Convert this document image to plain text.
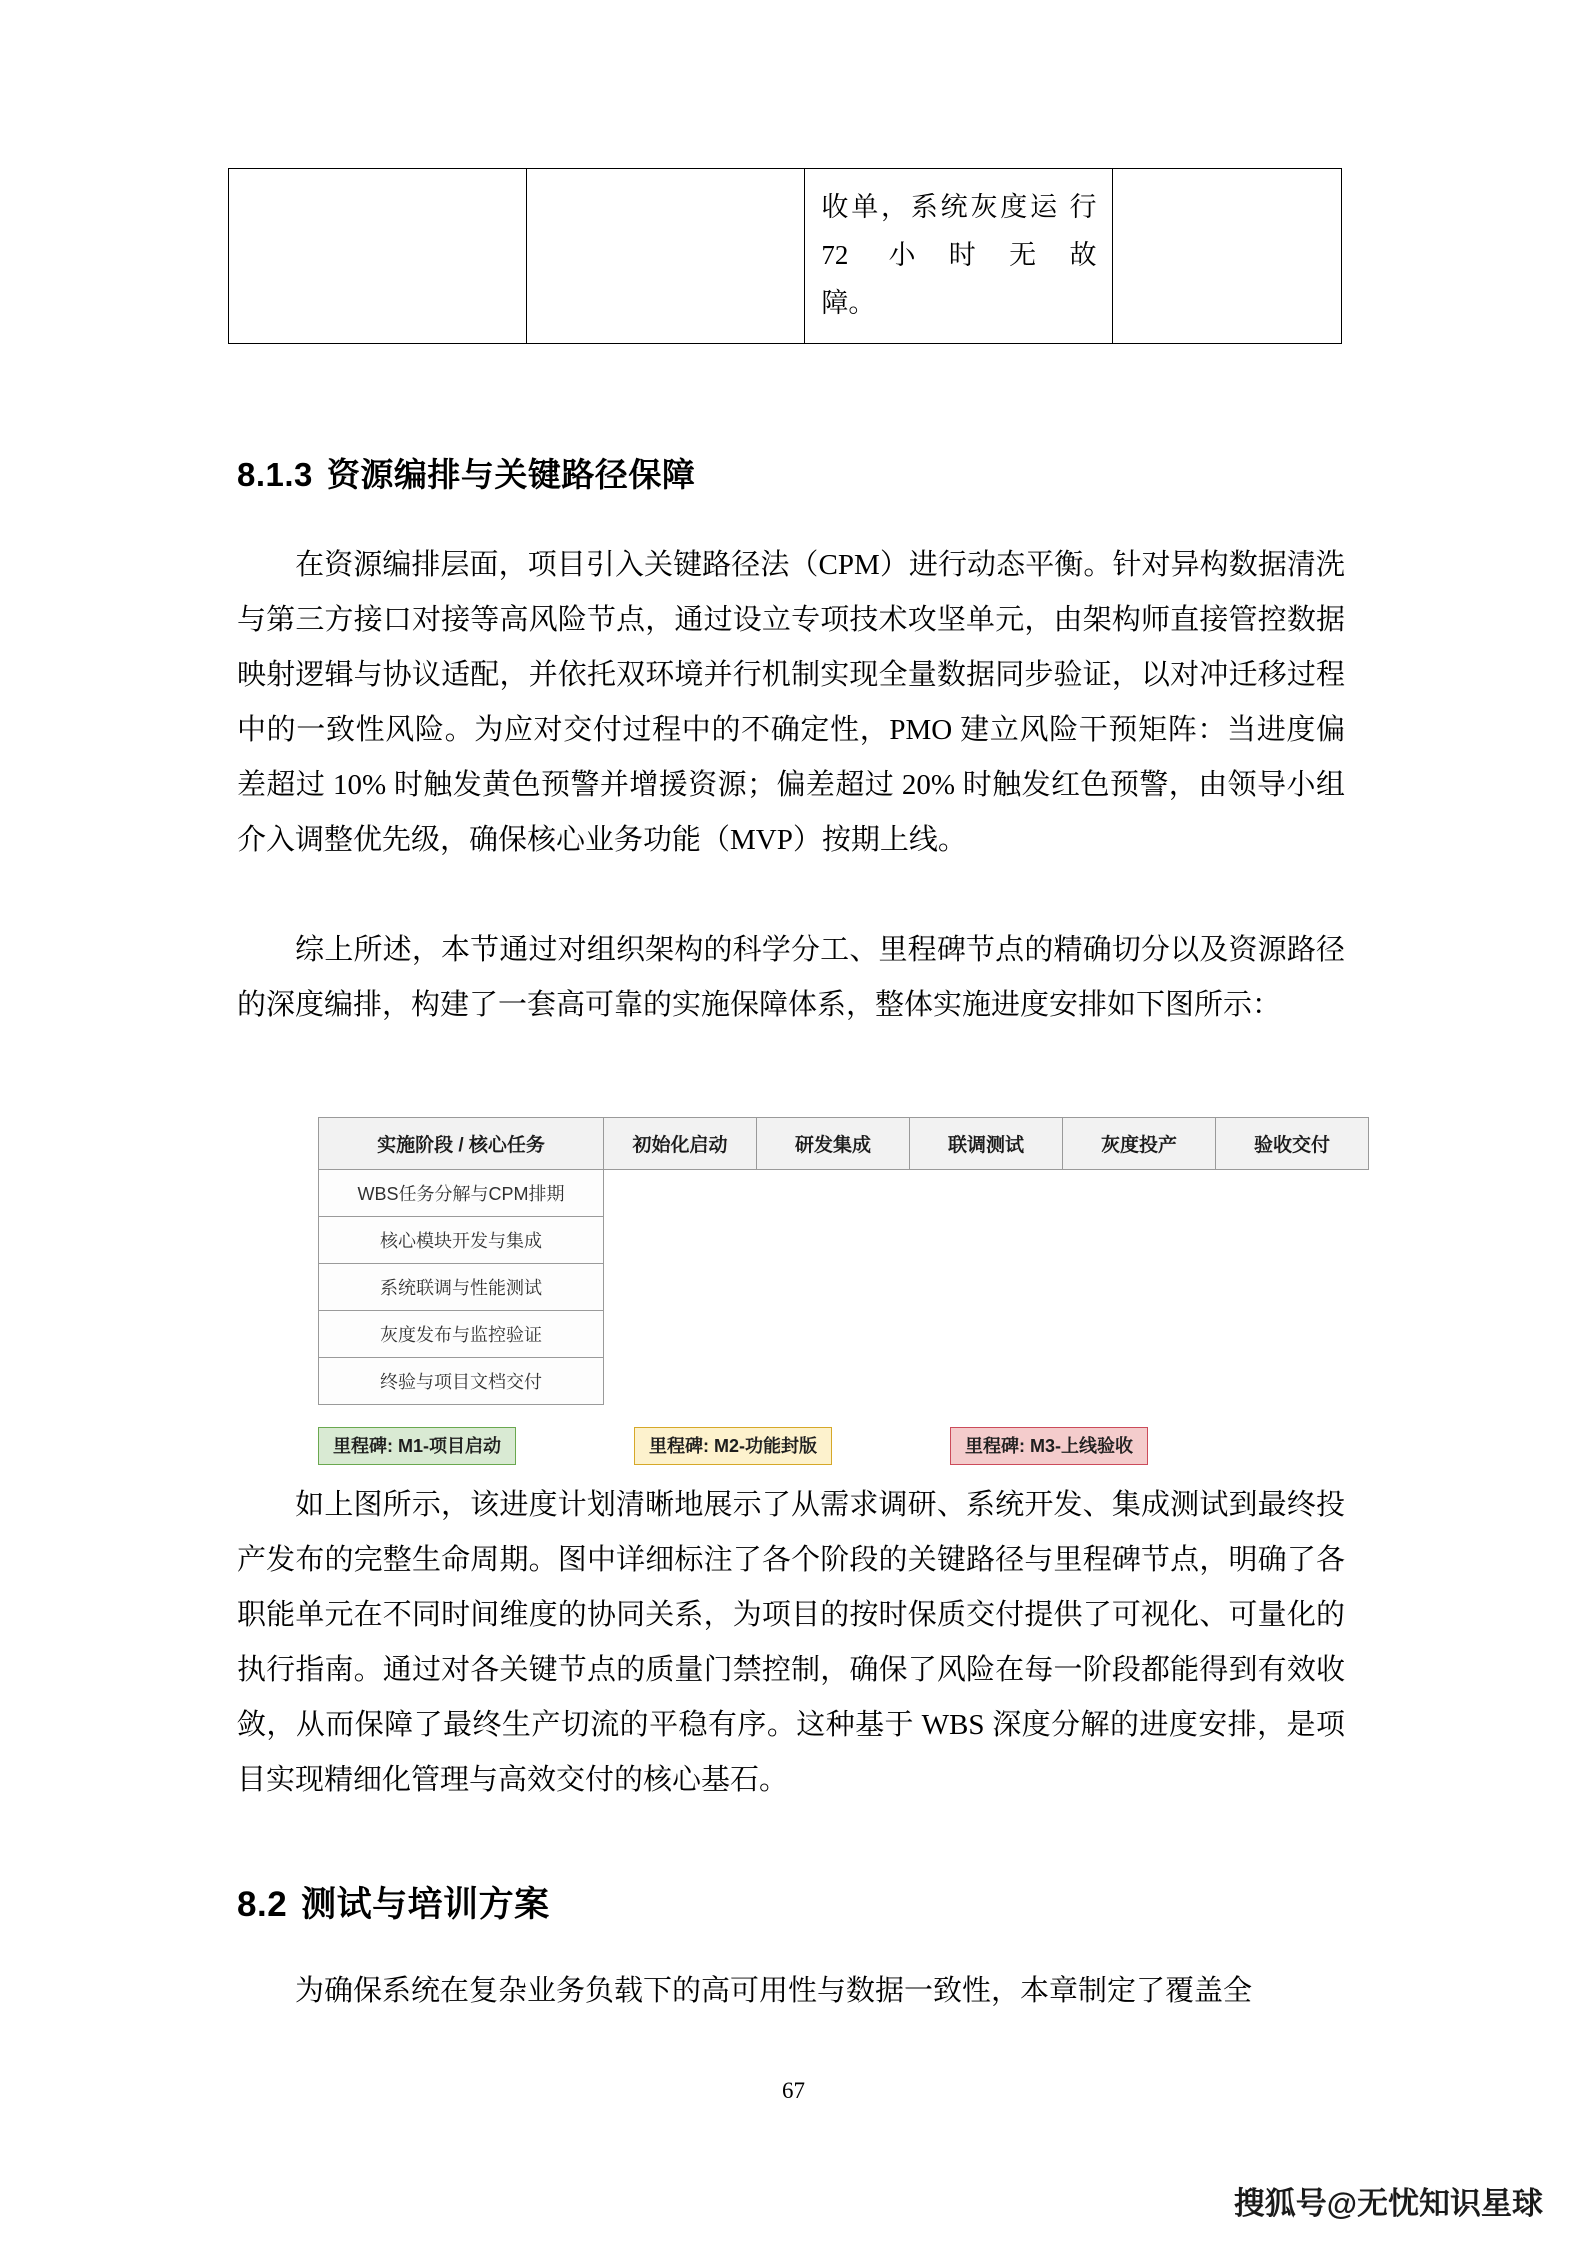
		收单，系统灰度运 行 72 小时无故
障。

8.1.3 资源编排与关键路径保障

在资源编排层面，项目引入关键路径法（CPM）进行动态平衡。针对异构数据清洗与第三方接口对接等高风险节点，通过设立专项技术攻坚单元，由架构师直接管控数据映射逻辑与协议适配，并依托双环境并行机制实现全量数据同步验证，以对冲迁移过程中的一致性风险。为应对交付过程中的不确定性，PMO 建立风险干预矩阵：当进度偏差超过 10% 时触发黄色预警并增援资源；偏差超过 20% 时触发红色预警，由领导小组介入调整优先级，确保核心业务功能（MVP）按期上线。

综上所述，本节通过对组织架构的科学分工、里程碑节点的精确切分以及资源路径的深度编排，构建了一套高可靠的实施保障体系，整体实施进度安排如下图所示：

实施阶段 / 核心任务	初始化启动	研发集成	联调测试	灰度投产	验收交付
WBS任务分解与CPM排期					
核心模块开发与集成					
系统联调与性能测试					
灰度发布与监控验证					
终验与项目文档交付					
里程碑: M1-项目启动	里程碑: M2-功能封版	里程碑: M3-上线验收

如上图所示，该进度计划清晰地展示了从需求调研、系统开发、集成测试到最终投产发布的完整生命周期。图中详细标注了各个阶段的关键路径与里程碑节点，明确了各职能单元在不同时间维度的协同关系，为项目的按时保质交付提供了可视化、可量化的执行指南。通过对各关键节点的质量门禁控制，确保了风险在每一阶段都能得到有效收敛，从而保障了最终生产切流的平稳有序。这种基于 WBS 深度分解的进度安排，是项目实现精细化管理与高效交付的核心基石。

8.2 测试与培训方案

为确保系统在复杂业务负载下的高可用性与数据一致性，本章制定了覆盖全

67
搜狐号@无忧知识星球
